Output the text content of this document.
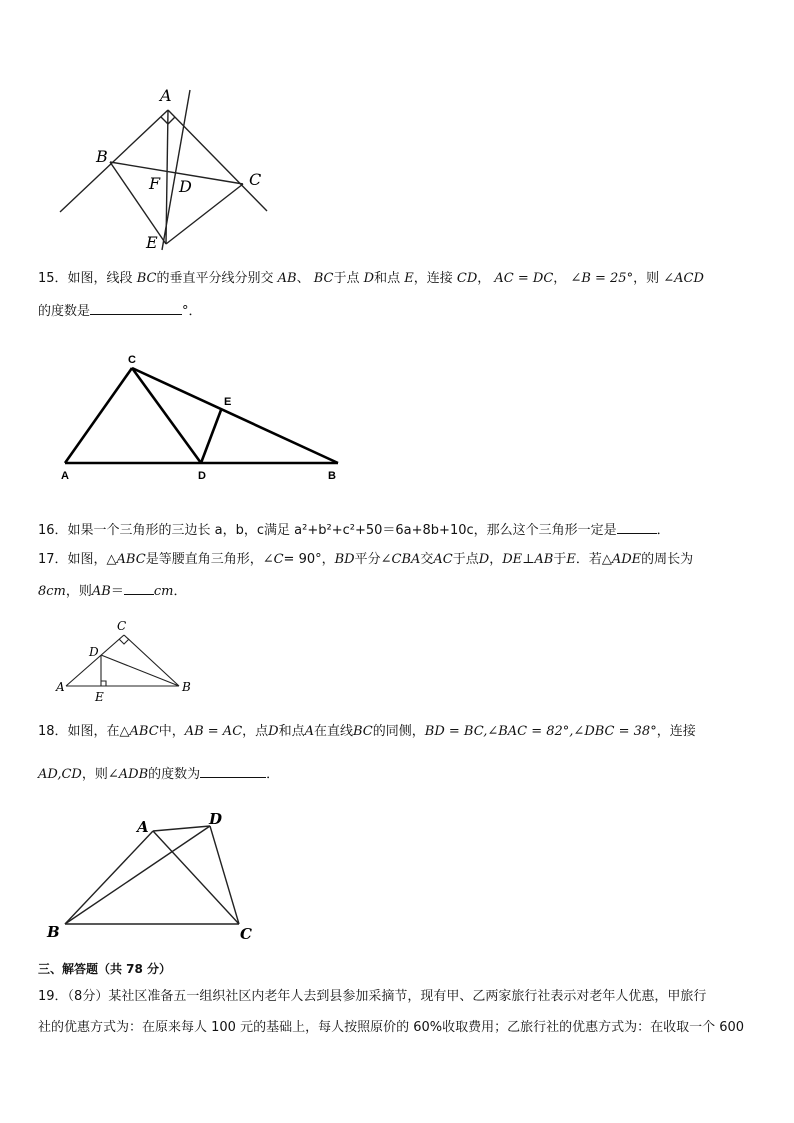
A
B
C
F D
E
15．如图，线段 BC的垂直平分线分别交 AB、 BC于点 D和点 E，连接 CD， AC = DC， ∠B = 25°，则 ∠ACD
的度数是	°．
C
E
A	D	B
16．如果一个三角形的三边长 a，b，c满足 a²+b²+c²+50＝6a+8b+10c，那么这个三角形一定是	．
17．如图，△ABC是等腰直角三角形，∠C= 90°，BD平分∠CBA交AC于点D，DE⊥AB于E．若△ADE的周长为
8cm，则AB＝ cm．
C
D
A	B
E
18．如图，在△ABC中，AB = AC，点D和点A在直线BC的同侧，BD = BC,∠BAC = 82°,∠DBC = 38°，连接
AD,CD，则∠ADB的度数为	．
A	D
B	C
三、解答题（共 78 分）
19．（8分）某社区准备五一组织社区内老年人去到县参加采摘节，现有甲、乙两家旅行社表示对老年人优惠，甲旅行
社的优惠方式为：在原来每人 100 元的基础上，每人按照原价的 60%收取费用；乙旅行社的优惠方式为：在收取一个 600
